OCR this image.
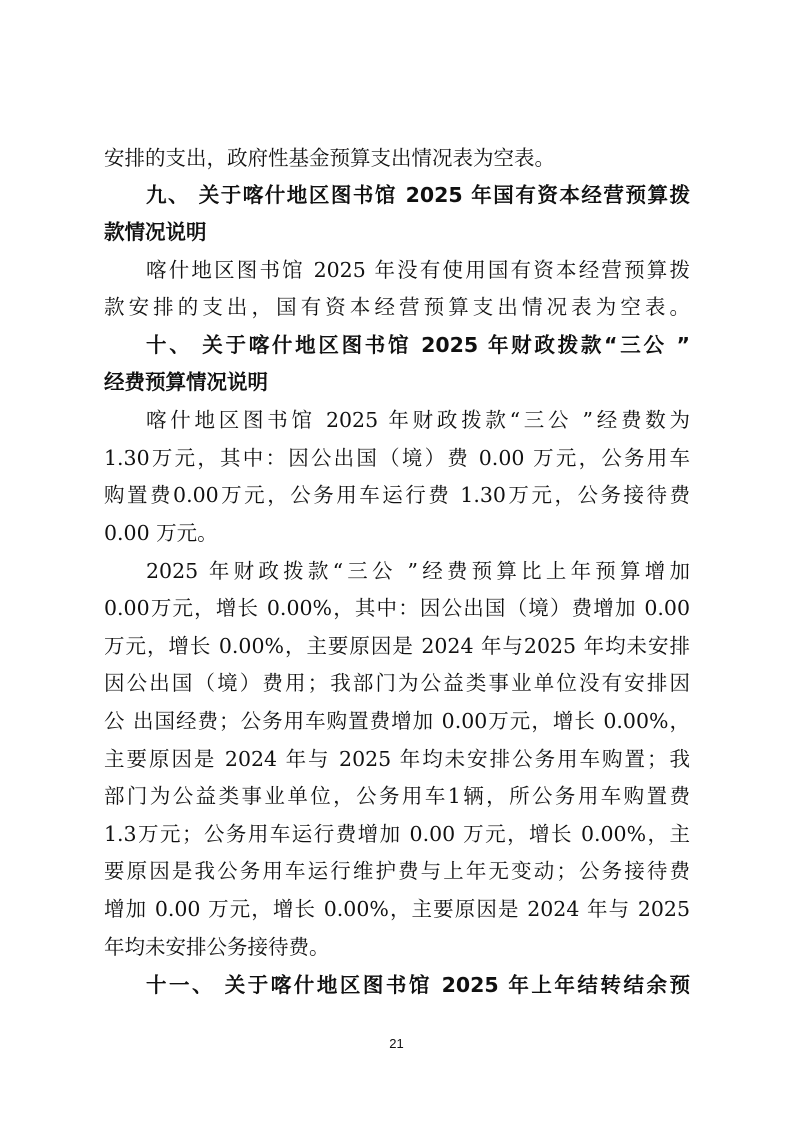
安排的支出，政府性基金预算支出情况表为空表。
九、 关于喀什地区图书馆 2025 年国有资本经营预算拨
款情况说明
喀什地区图书馆 2025 年没有使用国有资本经营预算拨
款安排的支出，国有资本经营预算支出情况表为空表。
十、 关于喀什地区图书馆 2025 年财政拨款“三公 ”
经费预算情况说明
喀什地区图书馆 2025 年财政拨款“三公 ”经费数为
1.30万元，其中：因公出国（境）费 0.00 万元，公务用车
购置费0.00万元，公务用车运行费 1.30万元，公务接待费
0.00 万元。
2025 年财政拨款“三公 ”经费预算比上年预算增加
0.00万元，增长 0.00%，其中：因公出国（境）费增加 0.00
万元，增长 0.00%，主要原因是 2024 年与2025 年均未安排
因公出国（境）费用；我部门为公益类事业单位没有安排因
公 出国经费；公务用车购置费增加 0.00万元，增长 0.00%，
主要原因是 2024 年与 2025 年均未安排公务用车购置；我
部门为公益类事业单位，公务用车1辆，所公务用车购置费
1.3万元；公务用车运行费增加 0.00 万元，增长 0.00%，主
要原因是我公务用车运行维护费与上年无变动；公务接待费
增加 0.00 万元，增长 0.00%，主要原因是 2024 年与 2025
年均未安排公务接待费。
十一、 关于喀什地区图书馆 2025 年上年结转结余预
21
